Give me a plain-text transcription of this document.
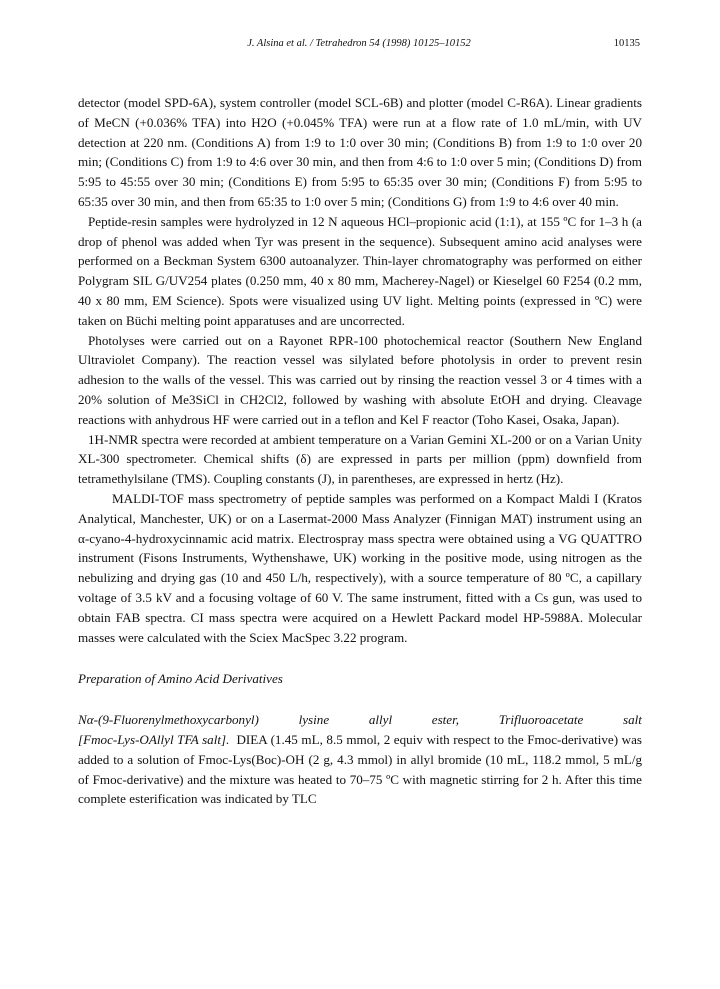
J. Alsina et al. / Tetrahedron 54 (1998) 10125–10152	10135

detector (model SPD-6A), system controller (model SCL-6B) and plotter (model C-R6A). Linear gradients of MeCN (+0.036% TFA) into H2O (+0.045% TFA) were run at a flow rate of 1.0 mL/min, with UV detection at 220 nm. (Conditions A) from 1:9 to 1:0 over 30 min; (Conditions B) from 1:9 to 1:0 over 20 min; (Conditions C) from 1:9 to 4:6 over 30 min, and then from 4:6 to 1:0 over 5 min; (Conditions D) from 5:95 to 45:55 over 30 min; (Conditions E) from 5:95 to 65:35 over 30 min; (Conditions F) from 5:95 to 65:35 over 30 min, and then from 65:35 to 1:0 over 5 min; (Conditions G) from 1:9 to 4:6 over 40 min.

Peptide-resin samples were hydrolyzed in 12 N aqueous HCl–propionic acid (1:1), at 155 ºC for 1–3 h (a drop of phenol was added when Tyr was present in the sequence). Subsequent amino acid analyses were performed on a Beckman System 6300 autoanalyzer. Thin-layer chromatography was performed on either Polygram SIL G/UV254 plates (0.250 mm, 40 x 80 mm, Macherey-Nagel) or Kieselgel 60 F254 (0.2 mm, 40 x 80 mm, EM Science). Spots were visualized using UV light. Melting points (expressed in ºC) were taken on Büchi melting point apparatuses and are uncorrected.

Photolyses were carried out on a Rayonet RPR-100 photochemical reactor (Southern New England Ultraviolet Company). The reaction vessel was silylated before photolysis in order to prevent resin adhesion to the walls of the vessel. This was carried out by rinsing the reaction vessel 3 or 4 times with a 20% solution of Me3SiCl in CH2Cl2, followed by washing with absolute EtOH and drying. Cleavage reactions with anhydrous HF were carried out in a teflon and Kel F reactor (Toho Kasei, Osaka, Japan).

1H-NMR spectra were recorded at ambient temperature on a Varian Gemini XL-200 or on a Varian Unity XL-300 spectrometer. Chemical shifts (δ) are expressed in parts per million (ppm) downfield from tetramethylsilane (TMS). Coupling constants (J), in parentheses, are expressed in hertz (Hz).

MALDI-TOF mass spectrometry of peptide samples was performed on a Kompact Maldi I (Kratos Analytical, Manchester, UK) or on a Lasermat-2000 Mass Analyzer (Finnigan MAT) instrument using an α-cyano-4-hydroxycinnamic acid matrix. Electrospray mass spectra were obtained using a VG QUATTRO instrument (Fisons Instruments, Wythenshawe, UK) working in the positive mode, using nitrogen as the nebulizing and drying gas (10 and 450 L/h, respectively), with a source temperature of 80 ºC, a capillary voltage of 3.5 kV and a focusing voltage of 60 V. The same instrument, fitted with a Cs gun, was used to obtain FAB spectra. CI mass spectra were acquired on a Hewlett Packard model HP-5988A. Molecular masses were calculated with the Sciex MacSpec 3.22 program.

Preparation of Amino Acid Derivatives
Nα-(9-Fluorenylmethoxycarbonyl)	lysine	allyl	ester,	Trifluoroacetate	salt

[Fmoc-Lys-OAllyl TFA salt]. DIEA (1.45 mL, 8.5 mmol, 2 equiv with respect to the Fmoc-derivative) was added to a solution of Fmoc-Lys(Boc)-OH (2 g, 4.3 mmol) in allyl bromide (10 mL, 118.2 mmol, 5 mL/g of Fmoc-derivative) and the mixture was heated to 70–75 ºC with magnetic stirring for 2 h. After this time complete esterification was indicated by TLC
